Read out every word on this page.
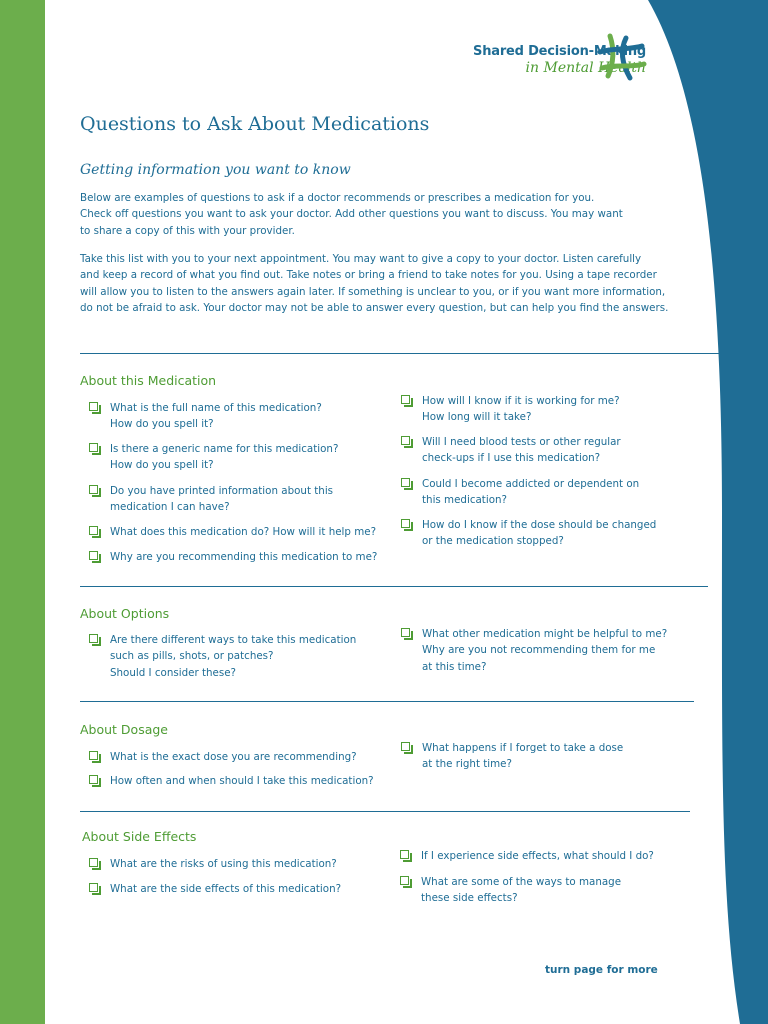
Shared Decision-Making
in Mental Health
Questions to Ask About Medications
Getting information you want to know
Below are examples of questions to ask if a doctor recommends or prescribes a medication for you.
Check off questions you want to ask your doctor. Add other questions you want to discuss. You may want
to share a copy of this with your provider.
Take this list with you to your next appointment. You may want to give a copy to your doctor. Listen carefully
and keep a record of what you find out. Take notes or bring a friend to take notes for you. Using a tape recorder
will allow you to listen to the answers again later. If something is unclear to you, or if you want more information,
do not be afraid to ask. Your doctor may not be able to answer every question, but can help you find the answers.
About this Medication
What is the full name of this medication?
How do you spell it?
Is there a generic name for this medication?
How do you spell it?
Do you have printed information about this
medication I can have?
What does this medication do? How will it help me?
Why are you recommending this medication to me?
How will I know if it is working for me?
How long will it take?
Will I need blood tests or other regular
check-ups if I use this medication?
Could I become addicted or dependent on
this medication?
How do I know if the dose should be changed
or the medication stopped?
About Options
Are there different ways to take this medication
such as pills, shots, or patches?
Should I consider these?
What other medication might be helpful to me?
Why are you not recommending them for me
at this time?
About Dosage
What is the exact dose you are recommending?
How often and when should I take this medication?
What happens if I forget to take a dose
at the right time?
About Side Effects
What are the risks of using this medication?
What are the side effects of this medication?
If I experience side effects, what should I do?
What are some of the ways to manage
these side effects?
turn page for more
